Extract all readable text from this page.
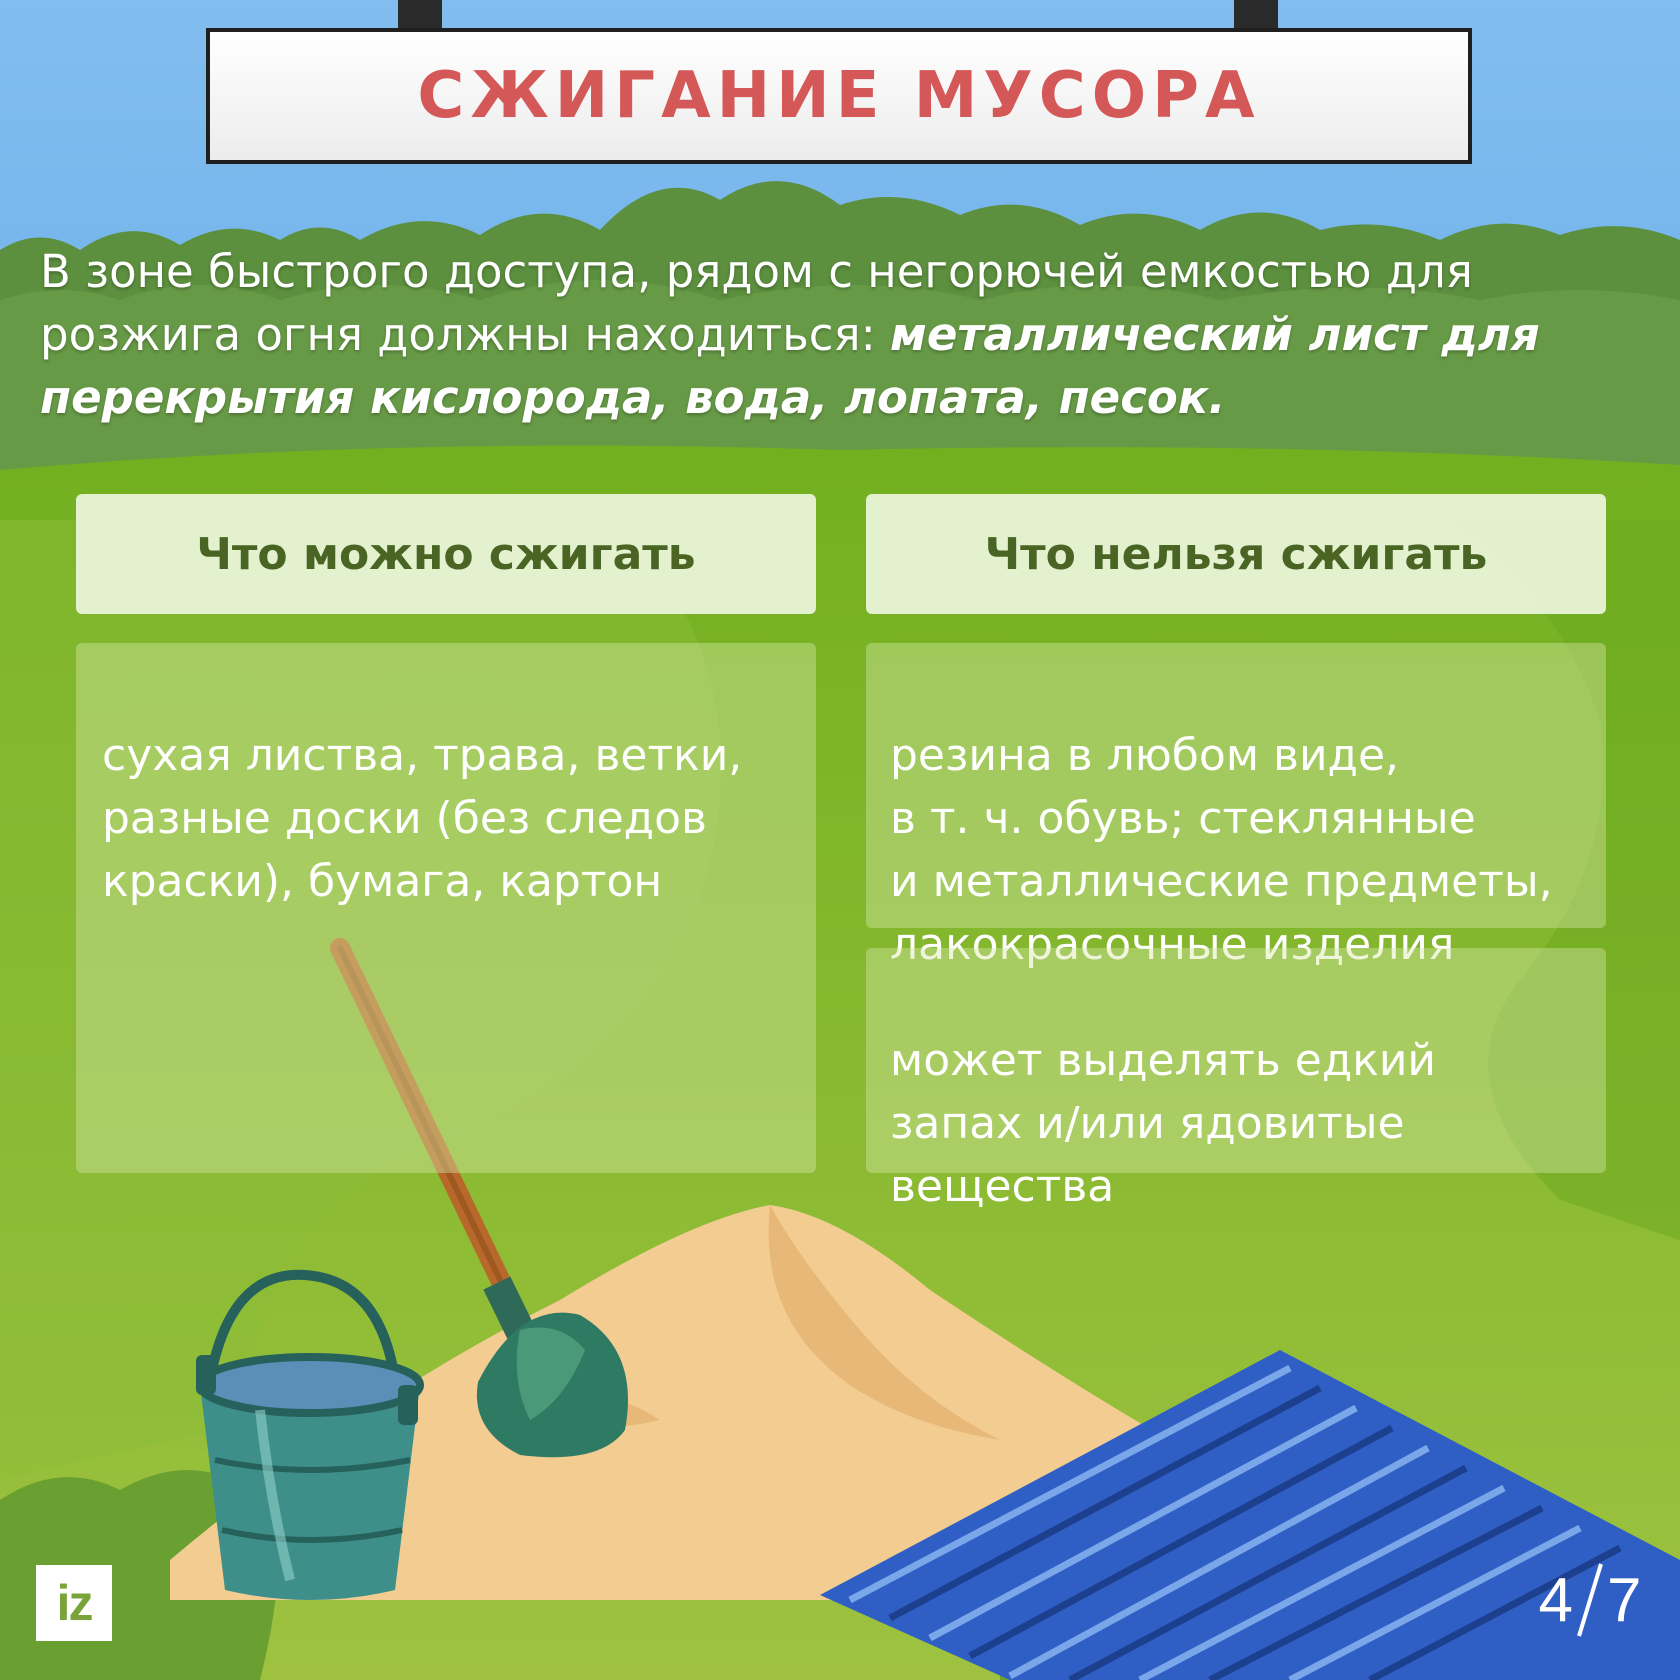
СЖИГАНИЕ МУСОРА
В зоне быстрого доступа, рядом с негорючей емкостью для розжига огня должны находиться: металлический лист для перекрытия кислорода, вода, лопата, песок.
Что можно сжигать	Что нельзя сжигать

сухая листва, трава, ветки,
разные доски (без следов
краски), бумага, картон

резина в любом виде,
в т. ч. обувь; стеклянные
и металлические предметы,
лакокрасочные изделия

может выделять едкий
запах и/или ядовитые
вещества

iz	4 7
